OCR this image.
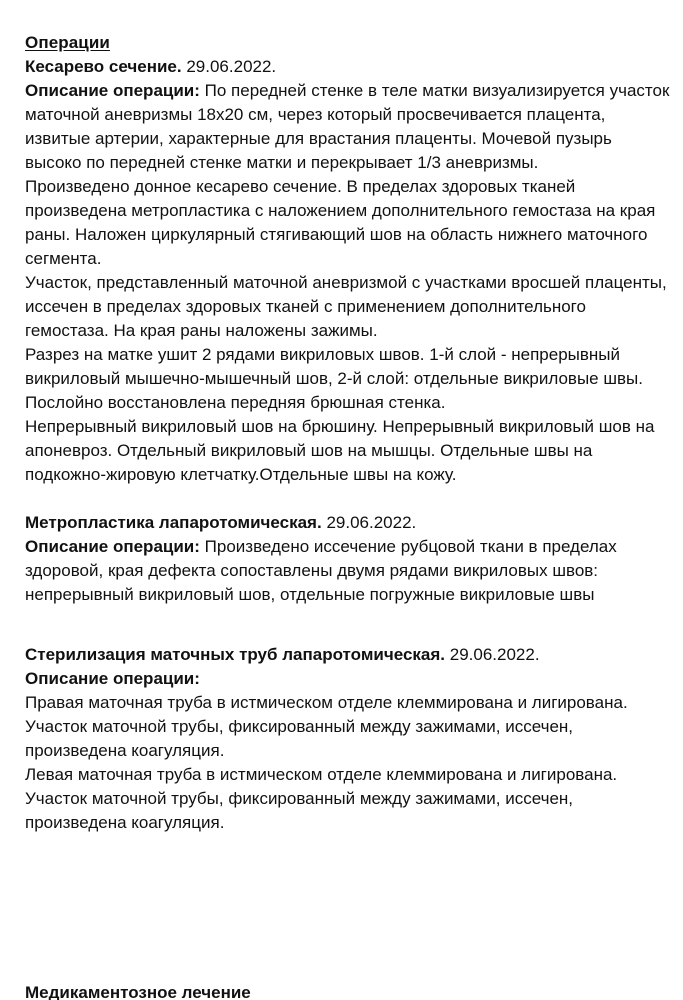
Операции

Кесарево сечение. 29.06.2022.

Описание операции: По передней стенке в теле матки визуализируется участок маточной аневризмы 18x20 см, через который просвечивается плацента, извитые артерии, характерные для врастания плаценты. Мочевой пузырь высоко по передней стенке матки и перекрывает 1/3 аневризмы.

Произведено донное кесарево сечение. В пределах здоровых тканей произведена метропластика с наложением дополнительного гемостаза на края раны. Наложен циркулярный стягивающий шов на область нижнего маточного сегмента.

Участок, представленный маточной аневризмой с участками вросшей плаценты, иссечен в пределах здоровых тканей с применением дополнительного гемостаза. На края раны наложены зажимы.

Разрез на матке ушит 2 рядами викриловых швов. 1-й слой - непрерывный викриловый мышечно-мышечный шов, 2-й слой: отдельные викриловые швы.

Послойно восстановлена передняя брюшная стенка.

Непрерывный викриловый шов на брюшину. Непрерывный викриловый шов на апоневроз. Отдельный викриловый шов на мышцы. Отдельные швы на подкожно-жировую клетчатку.Отдельные швы на кожу.

Метропластика лапаротомическая. 29.06.2022.

Описание операции: Произведено иссечение рубцовой ткани в пределах здоровой, края дефекта сопоставлены двумя рядами викриловых швов: непрерывный викриловый шов, отдельные погружные викриловые швы

Стерилизация маточных труб лапаротомическая. 29.06.2022.

Описание операции:

Правая маточная труба в истмическом отделе клеммирована и лигирована. Участок маточной трубы, фиксированный между зажимами, иссечен, произведена коагуляция.

Левая маточная труба в истмическом отделе клеммирована и лигирована. Участок маточной трубы, фиксированный между зажимами, иссечен, произведена коагуляция.

Медикаментозное лечение
